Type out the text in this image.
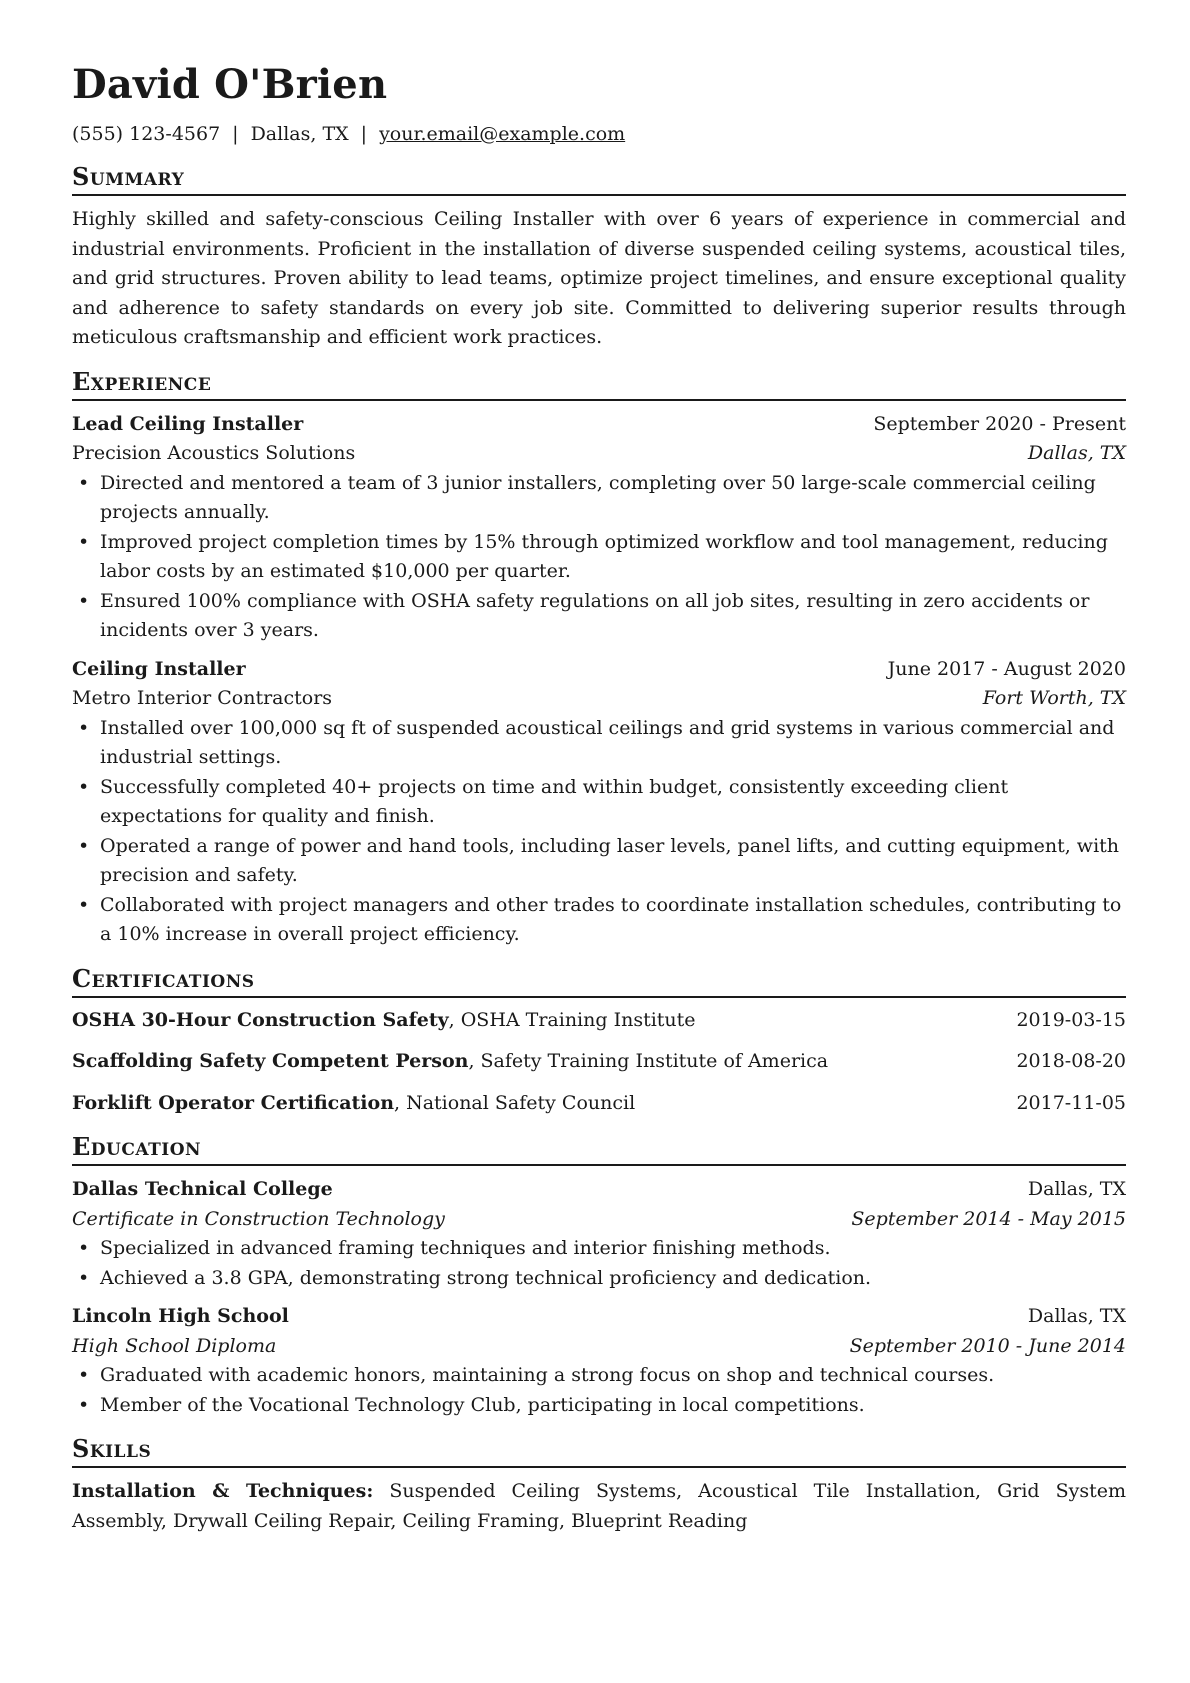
David O'Brien
(555) 123-4567 | Dallas, TX | your.email@example.com
Summary
Highly skilled and safety-conscious Ceiling Installer with over 6 years of experience in commercial and industrial environments. Proficient in the installation of diverse suspended ceiling systems, acoustical tiles, and grid structures. Proven ability to lead teams, optimize project timelines, and ensure exceptional quality and adherence to safety standards on every job site. Committed to delivering superior results through meticulous craftsmanship and efficient work practices.
Experience
Lead Ceiling Installer	September 2020 - Present
Precision Acoustics Solutions	Dallas, TX
• Directed and mentored a team of 3 junior installers, completing over 50 large-scale commercial ceiling projects annually.
• Improved project completion times by 15% through optimized workflow and tool management, reducing labor costs by an estimated $10,000 per quarter.
• Ensured 100% compliance with OSHA safety regulations on all job sites, resulting in zero accidents or incidents over 3 years.
Ceiling Installer	June 2017 - August 2020
Metro Interior Contractors	Fort Worth, TX
• Installed over 100,000 sq ft of suspended acoustical ceilings and grid systems in various commercial and industrial settings.
• Successfully completed 40+ projects on time and within budget, consistently exceeding client expectations for quality and finish.
• Operated a range of power and hand tools, including laser levels, panel lifts, and cutting equipment, with precision and safety.
• Collaborated with project managers and other trades to coordinate installation schedules, contributing to a 10% increase in overall project efficiency.
Certifications
OSHA 30-Hour Construction Safety, OSHA Training Institute	2019-03-15
Scaffolding Safety Competent Person, Safety Training Institute of America	2018-08-20
Forklift Operator Certification, National Safety Council	2017-11-05
Education
Dallas Technical College	Dallas, TX
Certificate in Construction Technology	September 2014 - May 2015
• Specialized in advanced framing techniques and interior finishing methods.
• Achieved a 3.8 GPA, demonstrating strong technical proficiency and dedication.
Lincoln High School	Dallas, TX
High School Diploma	September 2010 - June 2014
• Graduated with academic honors, maintaining a strong focus on shop and technical courses.
• Member of the Vocational Technology Club, participating in local competitions.
Skills
Installation & Techniques: Suspended Ceiling Systems, Acoustical Tile Installation, Grid System Assembly, Drywall Ceiling Repair, Ceiling Framing, Blueprint Reading
